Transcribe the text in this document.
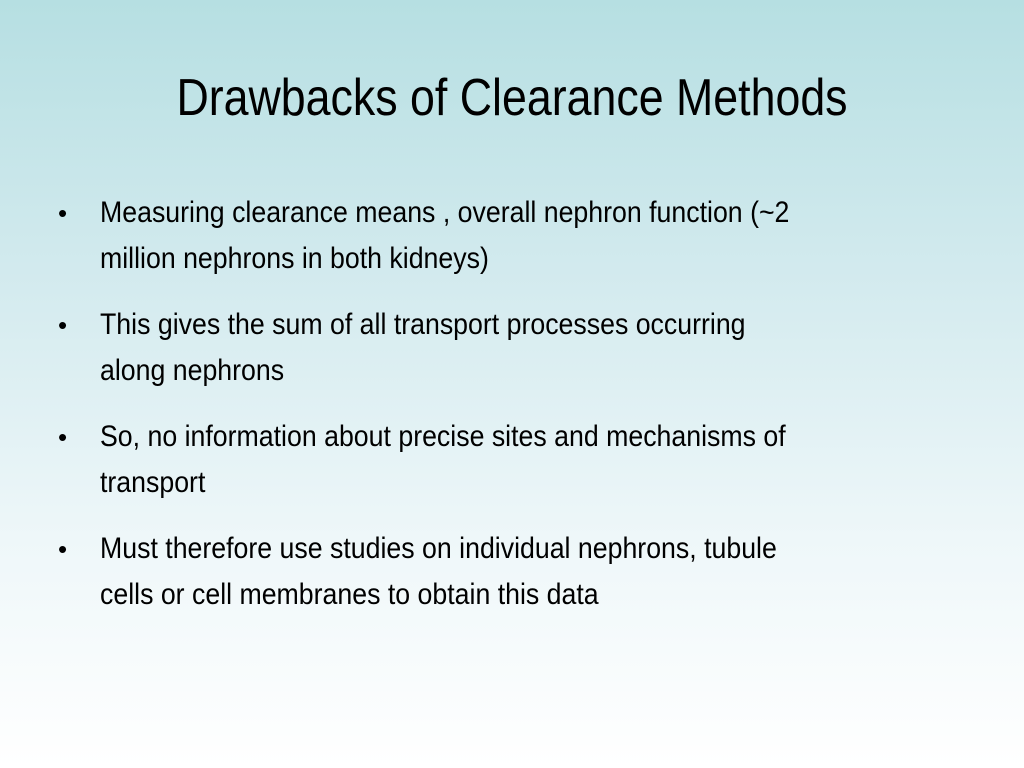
Drawbacks of Clearance Methods
•	Measuring clearance means , overall nephron function (~2
million nephrons in both kidneys)
•	This gives the sum of all transport processes occurring
along nephrons
•	So, no information about precise sites and mechanisms of
transport
•	Must therefore use studies on individual nephrons, tubule
cells or cell membranes to obtain this data
